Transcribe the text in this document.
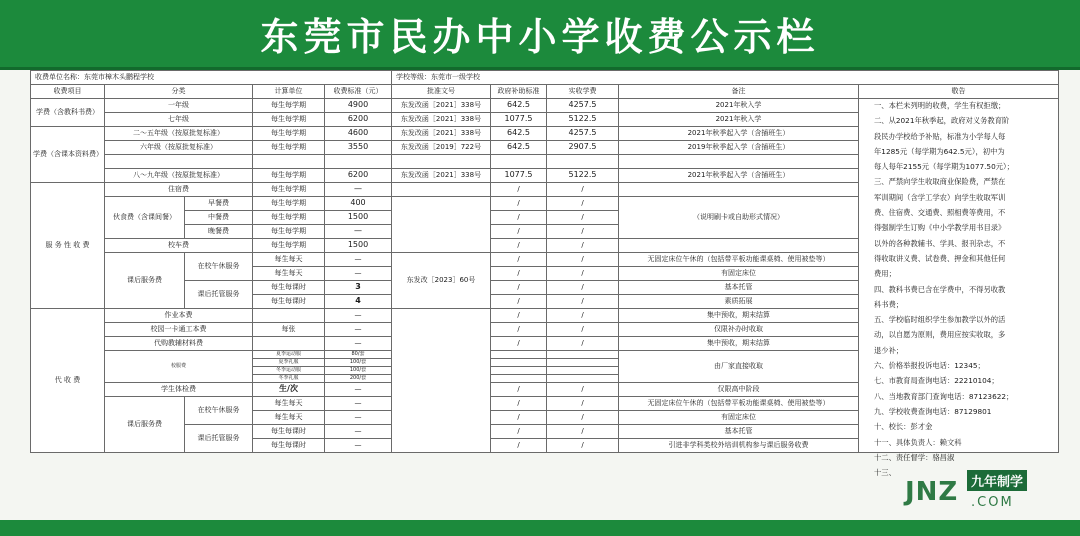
东莞市民办中小学收费公示栏
收费单位名称：东莞市樟木头鹏程学校					学校等级：东莞市一级学校				
收费项目	分类		计算单位	收费标准（元）	批准文号	政府补助标准	实收学费	备注	敬告
学费（含教科书费）	一年级		每生每学期	4900	东发改函［2021］338号	642.5	4257.5	2021年秋入学	
	七年级		每生每学期	6200	东发改函［2021］338号	1077.5	5122.5	2021年秋入学	
学费（含课本资料费）	二～五年级（按原批复标准）		每生每学期	4600	东发改函［2021］338号	642.5	4257.5	2021年秋季起入学（含插班生）	
	六年级（按原批复标准）		每生每学期	3550	东发改函［2019］722号	642.5	2907.5	2019年秋季起入学（含插班生）	

	八～九年级（按原批复标准）		每生每学期	6200	东发改函［2021］338号	1077.5	5122.5	2021年秋季起入学（含插班生）	
服 务 性 收 费	住宿费		每生每学期	—		/	/		
	伙食费（含课间餐）	早餐费	每生每学期	400		/	/	（说明刷卡或自助形式情况）	
		中餐费	每生每学期	1500		/	/		
		晚餐费	每生每学期	—		/	/		
	校车费		每生每学期	1500		/	/		
	课后服务费	在校午休服务	每生每天	—	东发改［2023］60号	/	/	无固定床位午休的（包括带平板功能课桌椅、使用被垫等）	
			每生每天	—		/	/	有固定床位	
		课后托管服务	每生每课时	3		/	/	基本托管	
			每生每课时	4		/	/	素质拓展	
代 收 费	作业本费			—		/	/	集中预收，期末结算	
	校园一卡通工本费		每张	—		/	/	仅限补办时收取	
	代购教辅材料费			—		/	/	集中预收，期末结算	
	校服费		夏季运动服	80/套				由厂家直接收取	
			夏季礼服	100/套					
			冬季运动服	100/套					
			冬季礼服	200/套					
	学生体检费		生/次	—		/	/	仅限高中阶段	
	课后服务费	在校午休服务	每生每天	—		/	/	无固定床位午休的（包括带平板功能课桌椅、使用被垫等）	
			每生每天	—		/	/	有固定床位	
		课后托管服务	每生每课时	—		/	/	基本托管	
			每生每课时	—		/	/	引进非学科类校外培训机构参与课后服务收费	

一、本栏未列明的收费，学生有权拒缴；

二、从2021年秋季起，政府对义务教育阶

段民办学校给予补贴，标准为小学每人每

年1285元（每学期为642.5元），初中为

每人每年2155元（每学期为1077.50元）；

三、严禁向学生收取商业保险费，严禁在

军训期间（含学工学农）向学生收取军训

费、住宿费、交通费、照相费等费用，不

得强制学生订购《中小学教学用书目录》

以外的各种教辅书、学具、报刊杂志，不

得收取讲义费、试卷费、押金和其他任何

费用；

四、教科书费已含在学费中，不得另收教

科书费；

五、学校临时组织学生参加教学以外的活

动，以自愿为原则，费用应按实收取，多

退少补；

六、价格举报投诉电话：12345；

七、市教育局查询电话：22210104；

八、当地教育部门查询电话：87123622；

九、学校收费查询电话：87129801

十、校长：彭才金

十一、具体负责人：赖文科

十二、责任督学：骆昌淑

十三、

JNZ 九年制学
.COM
